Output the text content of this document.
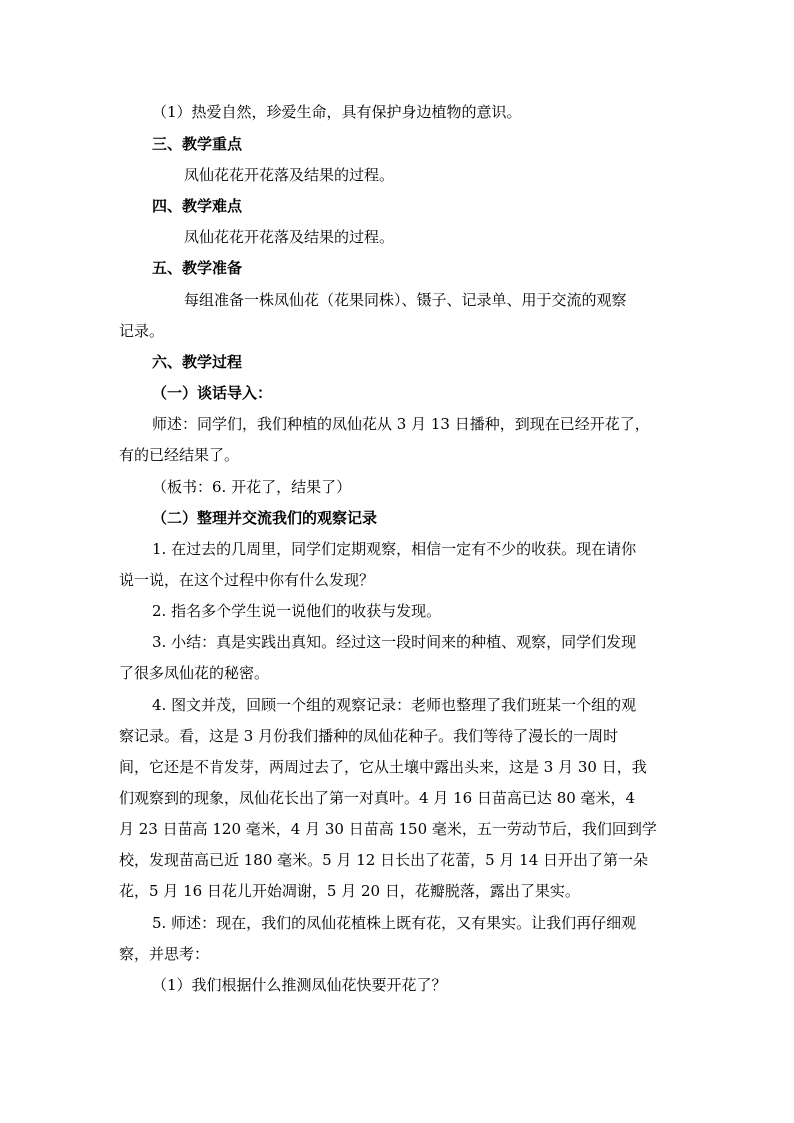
（1）热爱自然，珍爱生命，具有保护身边植物的意识。
三、教学重点
凤仙花花开花落及结果的过程。
四、教学难点
凤仙花花开花落及结果的过程。
五、教学准备
每组准备一株凤仙花（花果同株）、镊子、记录单、用于交流的观察
记录。
六、教学过程
（一）谈话导入：
师述：同学们，我们种植的凤仙花从 3 月 13 日播种，到现在已经开花了，
有的已经结果了。
（板书：6. 开花了，结果了）
（二）整理并交流我们的观察记录
1. 在过去的几周里，同学们定期观察，相信一定有不少的收获。现在请你
说一说，在这个过程中你有什么发现？
2. 指名多个学生说一说他们的收获与发现。
3. 小结：真是实践出真知。经过这一段时间来的种植、观察，同学们发现
了很多凤仙花的秘密。
4. 图文并茂，回顾一个组的观察记录：老师也整理了我们班某一个组的观
察记录。看，这是 3 月份我们播种的凤仙花种子。我们等待了漫长的一周时
间，它还是不肯发芽，两周过去了，它从土壤中露出头来，这是 3 月 30 日，我
们观察到的现象，凤仙花长出了第一对真叶。4 月 16 日苗高已达 80 毫米，4
月 23 日苗高 120 毫米，4 月 30 日苗高 150 毫米，五一劳动节后，我们回到学
校，发现苗高已近 180 毫米。5 月 12 日长出了花蕾，5 月 14 日开出了第一朵
花，5 月 16 日花儿开始凋谢，5 月 20 日，花瓣脱落，露出了果实。
5. 师述：现在，我们的凤仙花植株上既有花，又有果实。让我们再仔细观
察，并思考：
（1）我们根据什么推测凤仙花快要开花了？
